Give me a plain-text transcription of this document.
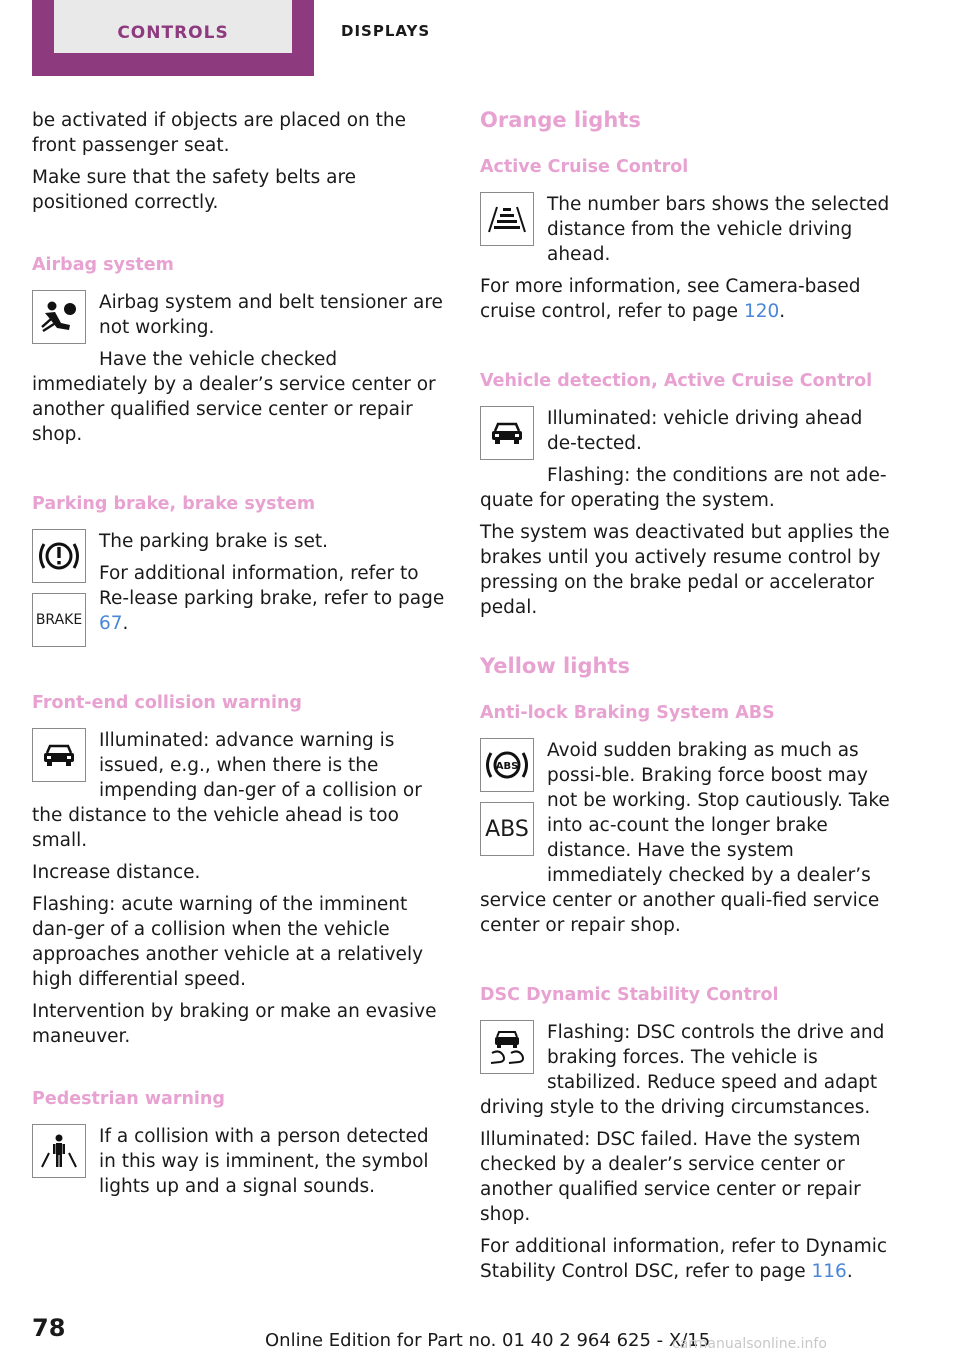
CONTROLS	DISPLAYS

be activated if objects are placed on the front passenger seat.

Make sure that the safety belts are positioned correctly.

Airbag system

Airbag system and belt tensioner are not working.

Have the vehicle checked immediately by a dealer’s service center or another qualified service center or repair shop.

Parking brake, brake system
BRAKE

The parking brake is set.

For additional information, refer to Re‐lease parking brake, refer to page 67.

Front-end collision warning

Illuminated: advance warning is issued, e.g., when there is the impending dan‐ger of a collision or the distance to the vehicle ahead is too small.

Increase distance.

Flashing: acute warning of the imminent dan‐ger of a collision when the vehicle approaches another vehicle at a relatively high differential speed.

Intervention by braking or make an evasive maneuver.

Pedestrian warning

If a collision with a person detected in this way is imminent, the symbol lights up and a signal sounds.

Orange lights
Active Cruise Control

The number bars shows the selected distance from the vehicle driving ahead.

For more information, see Camera-based cruise control, refer to page 120.

Vehicle detection, Active Cruise Control

Illuminated: vehicle driving ahead de‐tected.

Flashing: the conditions are not ade‐quate for operating the system.

The system was deactivated but applies the brakes until you actively resume control by pressing on the brake pedal or accelerator pedal.

Yellow lights
Anti-lock Braking System ABS
ABS
ABS

Avoid sudden braking as much as possi‐ble. Braking force boost may not be working. Stop cautiously. Take into ac‐count the longer brake distance. Have the system immediately checked by a dealer’s service center or another quali‐fied service center or repair shop.

DSC Dynamic Stability Control

Flashing: DSC controls the drive and braking forces. The vehicle is stabilized. Reduce speed and adapt driving style to the driving circumstances.

Illuminated: DSC failed. Have the system checked by a dealer’s service center or another qualified service center or repair shop.

For additional information, refer to Dynamic Stability Control DSC, refer to page 116.

78	Online Edition for Part no. 01 40 2 964 625 - X/15
carmanualsonline.info
